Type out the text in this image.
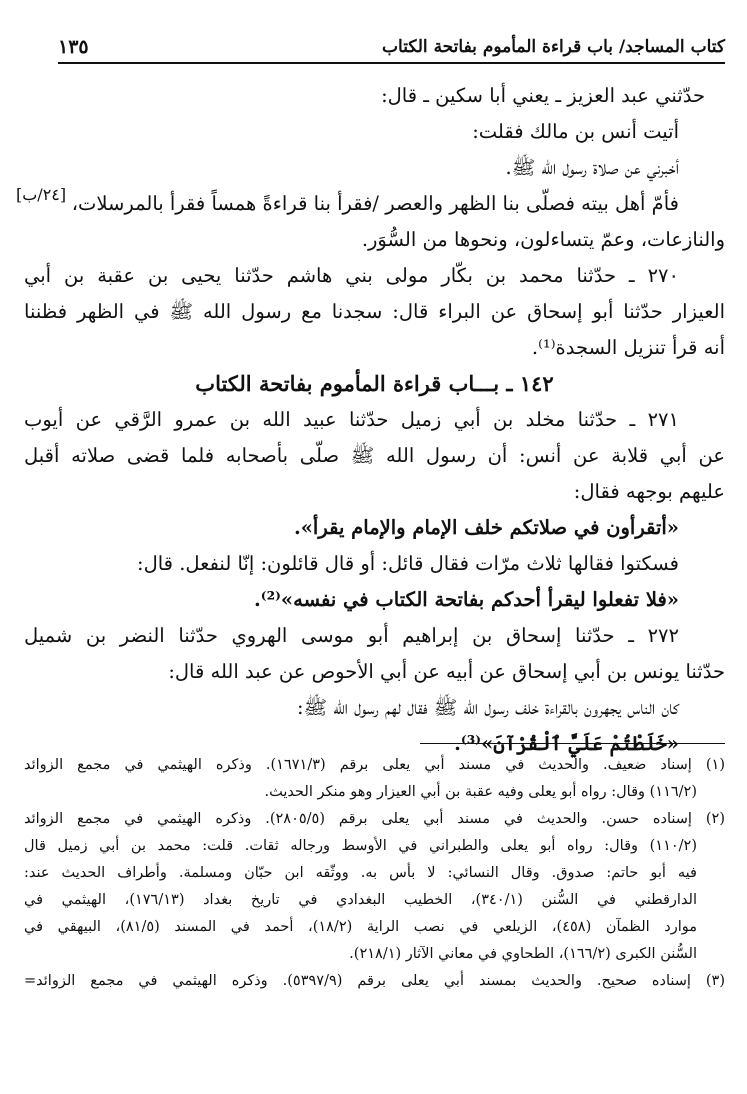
كتاب المساجد/ باب قراءة المأموم بفاتحة الكتاب
١٣٥
[٢٤/ب]
حدّثني عبد العزيز ـ يعني أبا سكين ـ قال:
أتيت أنس بن مالك فقلت:
أخبرني عن صلاة رسول الله ﷺ.
فأمّ أهل بيته فصلّى بنا الظهر والعصر /فقرأ بنا قراءةً همساً فقرأ بالمرسلات،
والنازعات، وعمّ يتساءلون، ونحوها من السُّوَر.
٢٧٠ ـ حدّثنا محمد بن بكّار مولى بني هاشم حدّثنا يحيى بن عقبة بن أبي
العيزار حدّثنا أبو إسحاق عن البراء قال: سجدنا مع رسول الله ﷺ في الظهر فظننا
أنه قرأ تنزيل السجدة⁽¹⁾.
١٤٢ ـ بـــاب قراءة المأموم بفاتحة الكتاب
٢٧١ ـ حدّثنا مخلد بن أبي زميل حدّثنا عبيد الله بن عمرو الرَّقي عن أيوب
عن أبي قلابة عن أنس: أن رسول الله ﷺ صلّى بأصحابه فلما قضى صلاته أقبل
عليهم بوجهه فقال:
«أتقرأون في صلاتكم خلف الإمام والإمام يقرأ».
فسكتوا فقالها ثلاث مرّات فقال قائل: أو قال قائلون: إنّا لنفعل. قال:
«فلا تفعلوا ليقرأ أحدكم بفاتحة الكتاب في نفسه»⁽²⁾.
٢٧٢ ـ حدّثنا إسحاق بن إبراهيم أبو موسى الهروي حدّثنا النضر بن شميل
حدّثنا يونس بن أبي إسحاق عن أبيه عن أبي الأحوص عن عبد الله قال:
كان الناس يجهرون بالقراءة خلف رسول الله ﷺ فقال لهم رسول الله ﷺ:
«خَلَطْتُمْ عَلَيَّ ٱلْقُرْآنَ»⁽³⁾.
(١) إسناد ضعيف. والحديث في مسند أبي يعلى برقم (١٦٧١/٣). وذكره الهيثمي في مجمع الزوائد
(١١٦/٢) وقال: رواه أبو يعلى وفيه عقبة بن أبي العيزار وهو منكر الحديث.
(٢) إسناده حسن. والحديث في مسند أبي يعلى برقم (٢٨٠٥/٥). وذكره الهيثمي في مجمع الزوائد
(١١٠/٢) وقال: رواه أبو يعلى والطبراني في الأوسط ورجاله ثقات. قلت: محمد بن أبي زميل قال
فيه أبو حاتم: صدوق. وقال النسائي: لا بأس به. ووثّقه ابن حبّان ومسلمة. وأطراف الحديث عند:
الدارقطني في السُّنن (٣٤٠/١)، الخطيب البغدادي في تاريخ بغداد (١٧٦/١٣)، الهيثمي في
موارد الظمآن (٤٥٨)، الزيلعي في نصب الراية (١٨/٢)، أحمد في المسند (٨١/٥)، البيهقي في
السُّنن الكبرى (١٦٦/٢)، الطحاوي في معاني الآثار (٢١٨/١).
(٣) إسناده صحيح. والحديث بمسند أبي يعلى برقم (٥٣٩٧/٩). وذكره الهيثمي في مجمع الزوائد=
